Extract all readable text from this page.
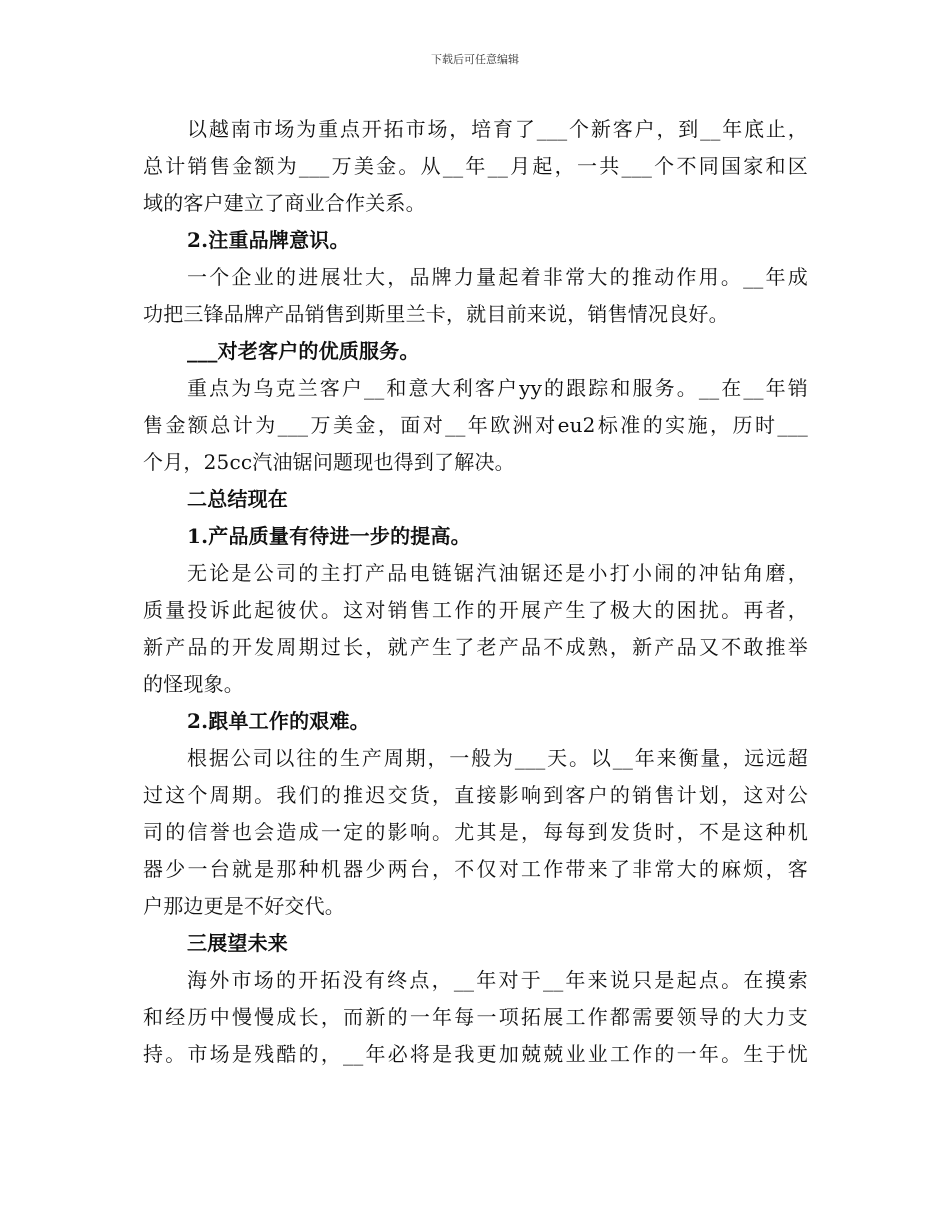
下载后可任意编辑
以越南市场为重点开拓市场，培育了___个新客户，到__年底止，
总计销售金额为___万美金。从__年__月起，一共___个不同国家和区
域的客户建立了商业合作关系。
2.注重品牌意识。
一个企业的进展壮大，品牌力量起着非常大的推动作用。__年成
功把三锋品牌产品销售到斯里兰卡，就目前来说，销售情况良好。
___对老客户的优质服务。
重点为乌克兰客户__和意大利客户yy的跟踪和服务。__在__年销
售金额总计为___万美金，面对__年欧洲对eu2标准的实施，历时___
个月，25cc汽油锯问题现也得到了解决。
二总结现在
1.产品质量有待进一步的提高。
无论是公司的主打产品电链锯汽油锯还是小打小闹的冲钻角磨，
质量投诉此起彼伏。这对销售工作的开展产生了极大的困扰。再者，
新产品的开发周期过长，就产生了老产品不成熟，新产品又不敢推举
的怪现象。
2.跟单工作的艰难。
根据公司以往的生产周期，一般为___天。以__年来衡量，远远超
过这个周期。我们的推迟交货，直接影响到客户的销售计划，这对公
司的信誉也会造成一定的影响。尤其是，每每到发货时，不是这种机
器少一台就是那种机器少两台，不仅对工作带来了非常大的麻烦，客
户那边更是不好交代。
三展望未来
海外市场的开拓没有终点，__年对于__年来说只是起点。在摸索
和经历中慢慢成长，而新的一年每一项拓展工作都需要领导的大力支
持。市场是残酷的，__年必将是我更加兢兢业业工作的一年。生于忧
